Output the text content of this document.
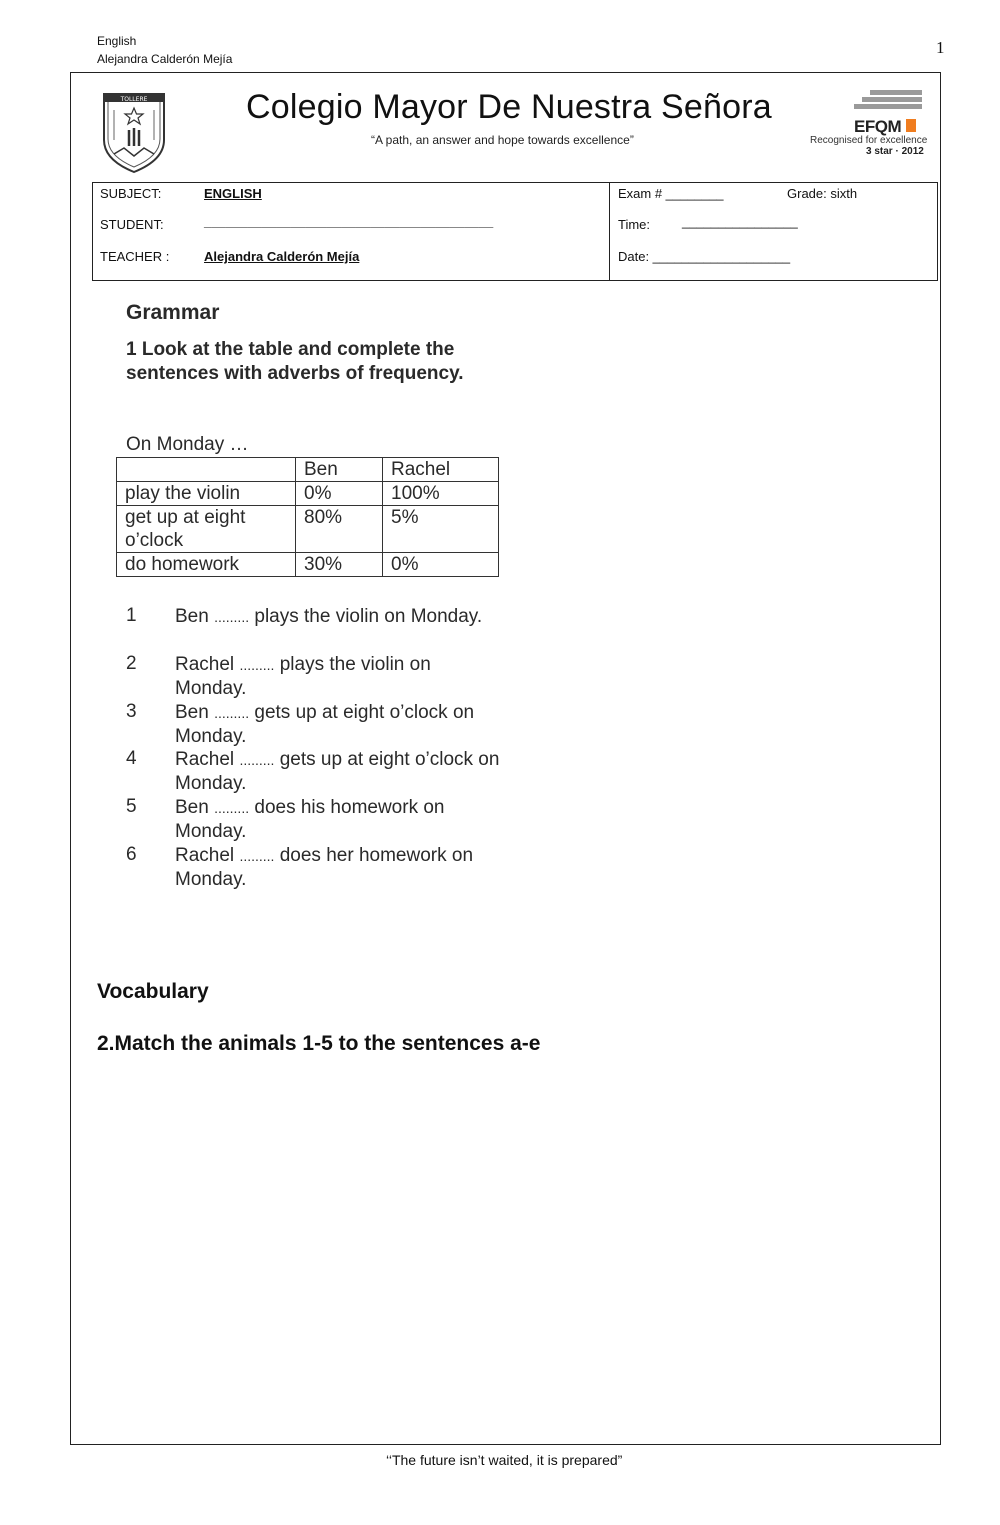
English
Alejandra Calderón Mejía
1
TOLLERE	Colegio Mayor De Nuestra Señora
“A path, an answer and hope towards excellence”
EFQM
Recognised for excellence
3 star · 2012
SUBJECT:	ENGLISH
STUDENT:	________________________________________
TEACHER :	Alejandra Calderón Mejía
Exam # ________	Grade: sixth
Time: ________________
Date: ___________________
Grammar
1 Look at the table and complete the sentences with adverbs of frequency.
On Monday …
	Ben	Rachel
play the violin	0%	100%
get up at eight o’clock	80%	5%
do homework	30%	0%
1 Ben ......... plays the violin on Monday.
2 Rachel ......... plays the violin on Monday.
3 Ben ......... gets up at eight o’clock on Monday.
4 Rachel ......... gets up at eight o’clock on Monday.
5 Ben ......... does his homework on Monday.
6 Rachel ......... does her homework on Monday.
Vocabulary
2.Match the animals 1-5 to the sentences a-e
‘‘The future isn’t waited, it is prepared”
